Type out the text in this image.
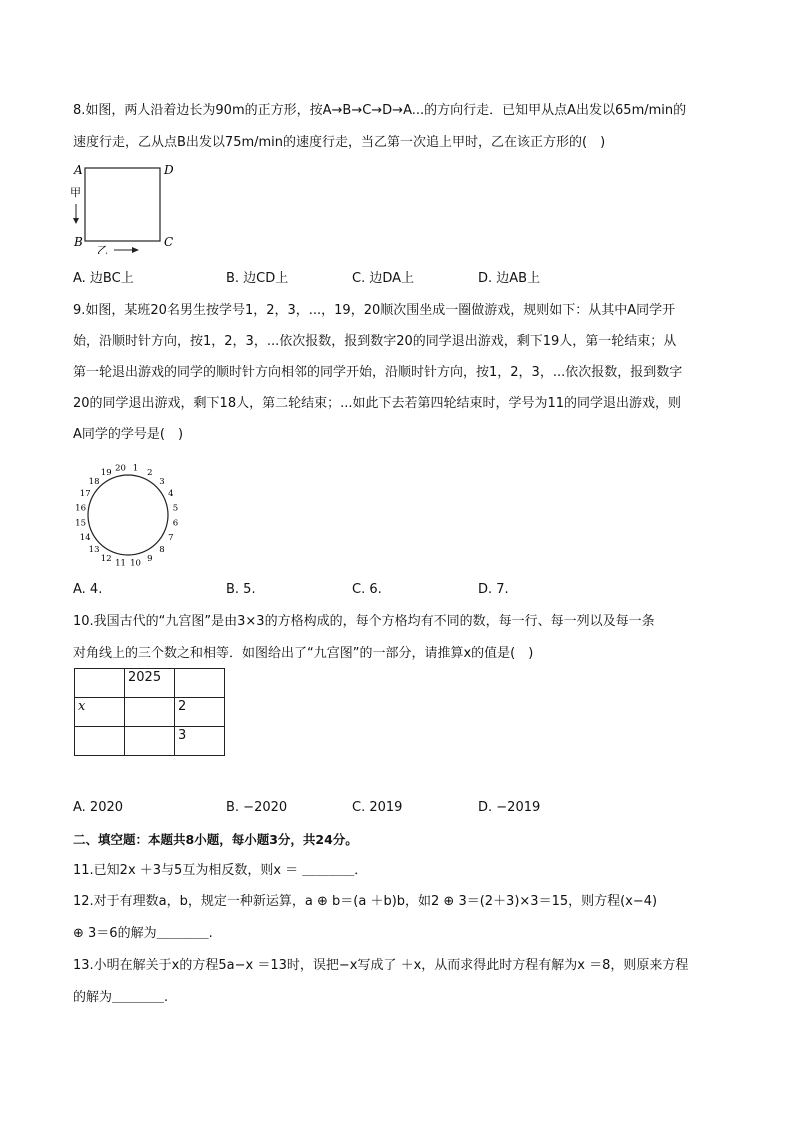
8.如图，两人沿着边长为90m的正方形，按A→B→C→D→A...的方向行走．已知甲从点A出发以65m/min的
速度行走，乙从点B出发以75m/min的速度行走，当乙第一次追上甲时，乙在该正方形的(　)
A	D
B	C
甲
乙
A. 边BC上	B. 边CD上	C. 边DA上	D. 边AB上
9.如图，某班20名男生按学号1，2，3，...，19，20顺次围坐成一圈做游戏，规则如下：从其中A同学开
始，沿顺时针方向，按1，2，3，...依次报数，报到数字20的同学退出游戏，剩下19人，第一轮结束；从
第一轮退出游戏的同学的顺时针方向相邻的同学开始，沿顺时针方向，按1，2，3，...依次报数，报到数字
20的同学退出游戏，剩下18人，第二轮结束；...如此下去若第四轮结束时，学号为11的同学退出游戏，则
A同学的学号是(　)
1 2
3
4
5
6
7
8
9
10
11
12
13
14
15
16
17
18
19 20
A. 4.	B. 5.	C. 6.	D. 7.
10.我国古代的“九宫图”是由3×3的方格构成的，每个方格均有不同的数，每一行、每一列以及每一条
对角线上的三个数之和相等．如图给出了“九宫图”的一部分，请推算x的值是(　)
	2025	
x		2
		3
A. 2020	B. −2020	C. 2019	D. −2019
二、填空题：本题共8小题，每小题3分，共24分。
11.已知2x ＋3与5互为相反数，则x ＝ ＿＿＿＿．
12.对于有理数a，b，规定一种新运算，a ⊕ b＝(a ＋b)b，如2 ⊕ 3＝(2＋3)×3＝15，则方程(x−4)
⊕ 3＝6的解为＿＿＿＿.
13.小明在解关于x的方程5a−x ＝13时，误把−x写成了 ＋x，从而求得此时方程有解为x ＝8，则原来方程
的解为＿＿＿＿.
